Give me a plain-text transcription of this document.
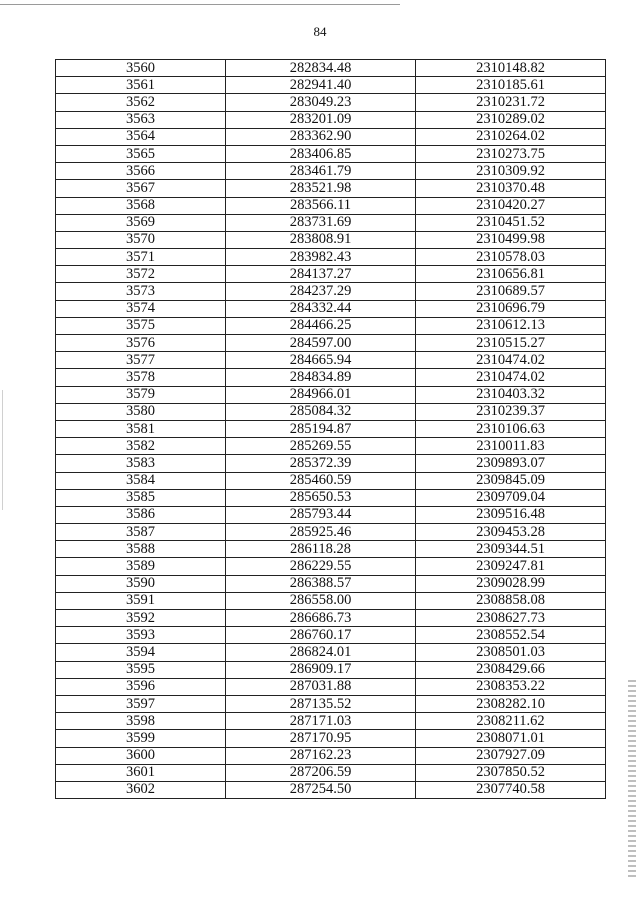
84
3560	282834.48	2310148.82
3561	282941.40	2310185.61
3562	283049.23	2310231.72
3563	283201.09	2310289.02
3564	283362.90	2310264.02
3565	283406.85	2310273.75
3566	283461.79	2310309.92
3567	283521.98	2310370.48
3568	283566.11	2310420.27
3569	283731.69	2310451.52
3570	283808.91	2310499.98
3571	283982.43	2310578.03
3572	284137.27	2310656.81
3573	284237.29	2310689.57
3574	284332.44	2310696.79
3575	284466.25	2310612.13
3576	284597.00	2310515.27
3577	284665.94	2310474.02
3578	284834.89	2310474.02
3579	284966.01	2310403.32
3580	285084.32	2310239.37
3581	285194.87	2310106.63
3582	285269.55	2310011.83
3583	285372.39	2309893.07
3584	285460.59	2309845.09
3585	285650.53	2309709.04
3586	285793.44	2309516.48
3587	285925.46	2309453.28
3588	286118.28	2309344.51
3589	286229.55	2309247.81
3590	286388.57	2309028.99
3591	286558.00	2308858.08
3592	286686.73	2308627.73
3593	286760.17	2308552.54
3594	286824.01	2308501.03
3595	286909.17	2308429.66
3596	287031.88	2308353.22
3597	287135.52	2308282.10
3598	287171.03	2308211.62
3599	287170.95	2308071.01
3600	287162.23	2307927.09
3601	287206.59	2307850.52
3602	287254.50	2307740.58
